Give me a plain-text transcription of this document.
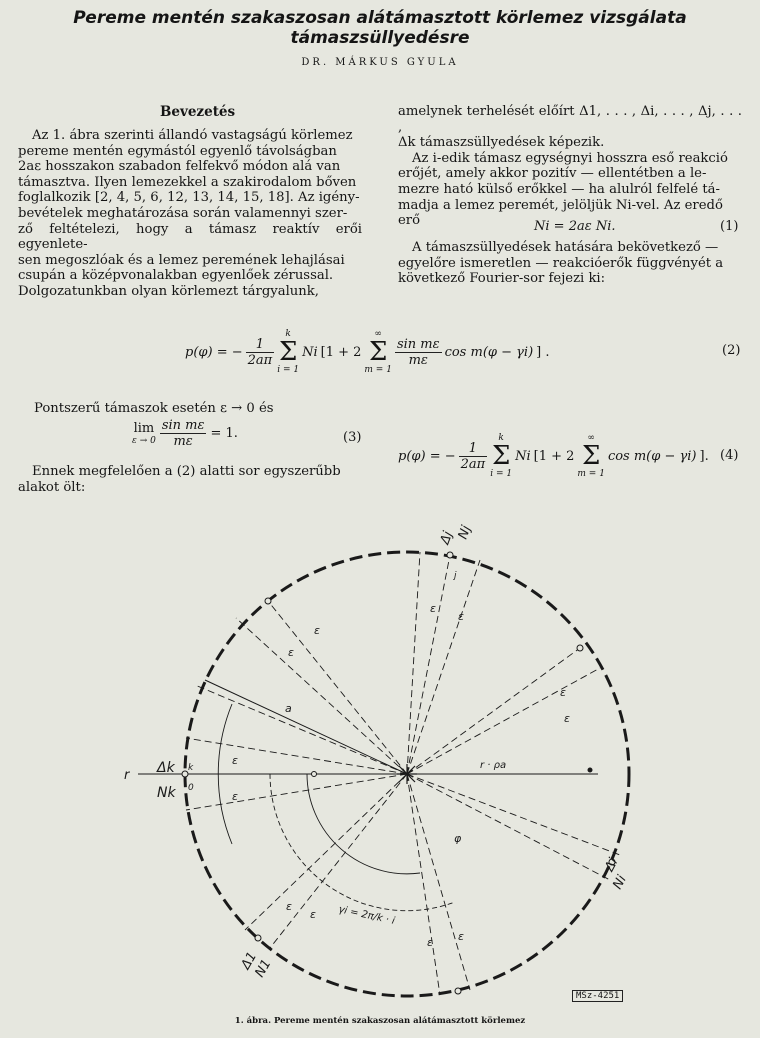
Pereme mentén szakaszosan alátámasztott körlemez vizsgálata
támaszsüllyedésre
DR. MÁRKUS GYULA
Bevezetés
Az 1. ábra szerinti állandó vastagságú körlemez
pereme mentén egymástól egyenlő távolságban
2aε hosszakon szabadon felfekvő módon alá van
támasztva. Ilyen lemezekkel a szakirodalom bőven
foglalkozik [2, 4, 5, 6, 12, 13, 14, 15, 18]. Az igény-
bevételek meghatározása során valamennyi szer-
ző feltételezi, hogy a támasz reaktív erői egyenlete-
sen megoszlóak és a lemez peremének lehajlásai
csupán a középvonalakban egyenlőek zérussal.
Dolgozatunkban olyan körlemezt tárgyalunk,
amelynek terhelését előírt Δ1, . . . , Δi, . . . , Δj, . . . ,
Δk támaszsüllyedések képezik.
Az i-edik támasz egységnyi hosszra eső reakció
erőjét, amely akkor pozitív — ellentétben a le-
mezre ható külső erőkkel — ha alulról felfelé tá-
madja a lemez peremét, jelöljük Ni-vel. Az eredő
erő	Ni = 2aε Ni.	(1)
A támaszsüllyedések hatására bekövetkező —
egyelőre ismeretlen — reakcióerők függvényét a
következő Fourier-sor fejezi ki:
p(φ) = − $\frac{1}{2a\pi}$
k
Σ
i = 1
Ni [1 + 2
∞
Σ
m = 1
$\frac{\text{sin mε}}{m\varepsilon}$ cos m(φ − γi) ] .	(2)
Pontszerű támaszok esetén ε → 0 és
lim
$\varepsilon \to 0 \frac{\text{sin mε}}{m\varepsilon} = 1$.	(3)
Ennek megfelelően a (2) alatti sor egyszerűbb
alakot ölt:
p(φ) = − $\frac{1}{2a\pi}$
k
Σ
i = 1
Ni [1 + 2
∞
Σ
m = 1
cos m(φ − γi) ]. (4)
Δk
Nk
r	k
0
ε
ε
a
φ
r · ρa
γi = 2π/k · i
Δi
Ni
Δj Nj
j
Δ1
N1
ε
ε
ε
ε
ε
ε
ε
ε
ε ε
MSz-4251
1. ábra. Pereme mentén szakaszosan alátámasztott körlemez
